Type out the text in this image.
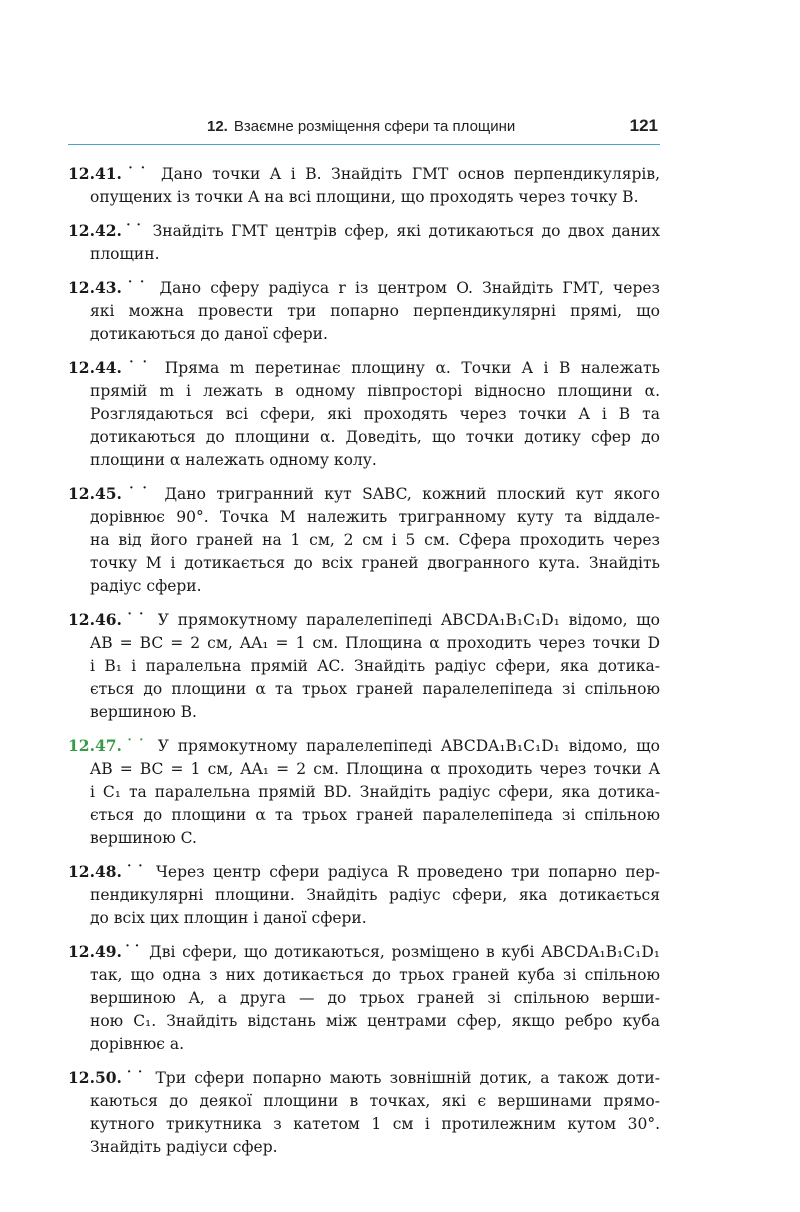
12. Взаємне розміщення сфери та площини	121
12.41.˙˙ Дано точки A і B. Знайдіть ГМТ основ перпендикулярів,
опущених із точки A на всі площини, що проходять через точку B.
12.42.˙˙ Знайдіть ГМТ центрів сфер, які дотикаються до двох даних
площин.
12.43.˙˙ Дано сферу радіуса r із центром O. Знайдіть ГМТ, через
які можна провести три попарно перпендикулярні прямі, що
дотикаються до даної сфери.
12.44.˙˙ Пряма m перетинає площину α. Точки A і B належать
прямій m і лежать в одному півпросторі відносно площини α.
Розглядаються всі сфери, які проходять через точки A і B та
дотикаються до площини α. Доведіть, що точки дотику сфер до
площини α належать одному колу.
12.45.˙˙ Дано тригранний кут SABC, кожний плоский кут якого
дорівнює 90°. Точка M належить тригранному куту та віддале-
на від його граней на 1 см, 2 см і 5 см. Сфера проходить через
точку M і дотикається до всіх граней двогранного кута. Знайдіть
радіус сфери.
12.46.˙˙ У прямокутному паралелепіпеді ABCDA₁B₁C₁D₁ відомо, що
AB = BC = 2 см, AA₁ = 1 см. Площина α проходить через точки D
і B₁ і паралельна прямій AC. Знайдіть радіус сфери, яка дотика-
ється до площини α та трьох граней паралелепіпеда зі спільною
вершиною B.
12.47.˙˙ У прямокутному паралелепіпеді ABCDA₁B₁C₁D₁ відомо, що
AB = BC = 1 см, AA₁ = 2 см. Площина α проходить через точки A
і C₁ та паралельна прямій BD. Знайдіть радіус сфери, яка дотика-
ється до площини α та трьох граней паралелепіпеда зі спільною
вершиною C.
12.48.˙˙ Через центр сфери радіуса R проведено три попарно пер-
пендикулярні площини. Знайдіть радіус сфери, яка дотикається
до всіх цих площин і даної сфери.
12.49.˙˙ Дві сфери, що дотикаються, розміщено в кубі ABCDA₁B₁C₁D₁
так, що одна з них дотикається до трьох граней куба зі спільною
вершиною A, а друга — до трьох граней зі спільною верши-
ною C₁. Знайдіть відстань між центрами сфер, якщо ребро куба
дорівнює a.
12.50.˙˙ Три сфери попарно мають зовнішній дотик, а також доти-
каються до деякої площини в точках, які є вершинами прямо-
кутного трикутника з катетом 1 см і протилежним кутом 30°.
Знайдіть радіуси сфер.
